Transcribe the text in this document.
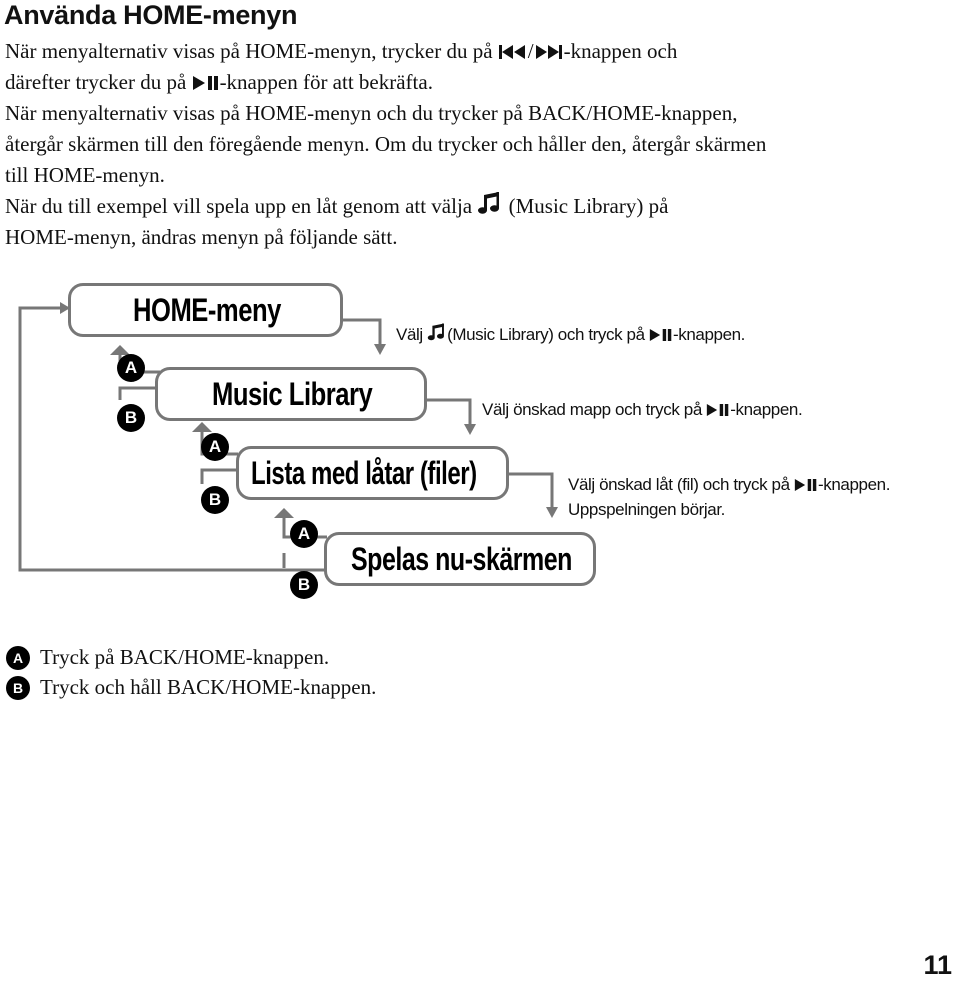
Använda HOME-menyn
När menyalternativ visas på HOME-menyn, trycker du på / -knappen och
därefter trycker du på -knappen för att bekräfta.
När menyalternativ visas på HOME-menyn och du trycker på BACK/HOME-knappen,
återgår skärmen till den föregående menyn. Om du trycker och håller den, återgår skärmen
till HOME-menyn.
När du till exempel vill spela upp en låt genom att välja (Music Library) på
HOME-menyn, ändras menyn på följande sätt.
HOME-meny
Music Library
Lista med låtar (filer)
Spelas nu-skärmen
Välj (Music Library) och tryck på -knappen.
Välj önskad mapp och tryck på -knappen.
Välj önskad låt (fil) och tryck på -knappen.
Uppspelningen börjar.
A
B
A
B
A
B
A Tryck på BACK/HOME-knappen.
B Tryck och håll BACK/HOME-knappen.
11
